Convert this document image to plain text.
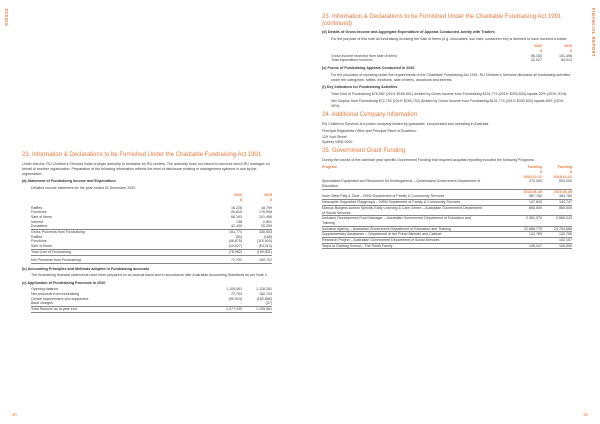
KIDS22
23. Information & Declarations to be Furnished Under the Charitable Fundraising Act 1991

Under this Act, RU Children's Services holds a single authority to fundraise for RU centres. The authority does not extend to services which RU manages on behalf of another organisation. Preparation of the following information reflects the level of disclosure existing in management systems in use by the organisation.

(a) Statement of Fundraising Income and Expenditure

Detailed income statement for the year ended 31 December 2020

	2020	2019
	$	$

Raffles	16,228	18,799
Functions	26,815	176,998
Sale of Items	66,163	101,496
Interest	138	2,851
Donations	42,430	30,259
Gross Proceeds from Fundraising	151,774	330,503
Raffles	(80)	(188)
Functions	(46,875)	(115,900)
Sale of Items	(32,027)	(54,013)
Total Cost of Fundraising	(78,982)	(169,801)

Net Proceeds from Fundraising	72,792	160,702
(b) Accounting Principles and Methods adopted in Fundraising accounts

The fundraising financial statements have been prepared on an accrual basis and in accordance with Australian Accounting Standards as per Note 3.

(c) Application of Fundraising Proceeds in 2020
Opening balance	1,105,061	1,128,281
Net proceeds from fundraising	72,793	160,703
Centre improvement and equipment	(99,924)	(183,886)
Bank charges	-	(37)
Total Reserve as at year end	1,077,930	1,105,061
30
FINANCIAL REPORT
23. Information & Declarations to be Furnished Under the Charitable Fundraising Act 1991 (continued)
(d) Details of Gross Income and Aggregate Expenditure of Appeals Conducted Jointly with Traders

For the purpose of this note all fundraising involving the Sale of Items (e.g. chocolates, sun hats, sunscreen etc) is deemed to have involved a trader.

	2020	2019
	$	$
Gross income received from sale of items	66,163	101,496
Total expenditure incurred	32,027	54,013
(e) Forms of Fundraising Appeals Conducted in 2020

For the purposes of reporting under the requirements of the Charitable Fundraising Act 1991, RU Children's Services discloses all fundraising activities under the categories; raffles, functions, sale of items, donations and interest.

(f) Key Indicators for Fundraising Activities

Total Cost of Fundraising $78,982 (2019: $169,801) divided by Gross Income from Fundraising $151,774 (2019: $330,503) equals 52% (2019: 51%).

Net Surplus from Fundraising $72,792 (2019: $160,702) divided by Gross Income from Fundraising $151,774 (2019: $330,503) equals 48% (2019: 49%).

24. Additional Company Information

RU Children's Services is a public company limited by guarantee, incorporated and operating in Australia.

Principal Registered Office and Principal Place of Business:

129 York Street

Sydney NSW 2000

25. Government Grant Funding

During the course of the calendar year specific Government Funding that required acquittal reporting included the following Programs:

Program	Funding	Funding
	$	$
	2020-12-31	2019-12-31
Specialised Equipment and Resources for Kindergartens – Queensland Government Department of Education	370,000	500,000
	2020-06-30	2019-06-30
Inner West Play & Chat – NSW Department of Family & Community Services	387,782	384,783
Newcastle Supported Playgroups – NSW Department of Family & Community Services	147,843	144,747
Marcus Burgess Autism Specific Early Learning & Care Centre – Australian Government Department of Social Services	865,500	865,500
Inclusion Development Fund Manager – Australian Government Department of Education and Training	2,981,370	2,665,043
Inclusion Agency – Australian Government Department of Education and Training	22,866,775	23,764,666
Supplementary Assistance – Department of the Prime Minister and Cabinet	132,765	132,765
Research Project – Australian Government Department of Social Services	-	102,157
Steps to Starting School – The Smith Family	108,047	106,650
31
